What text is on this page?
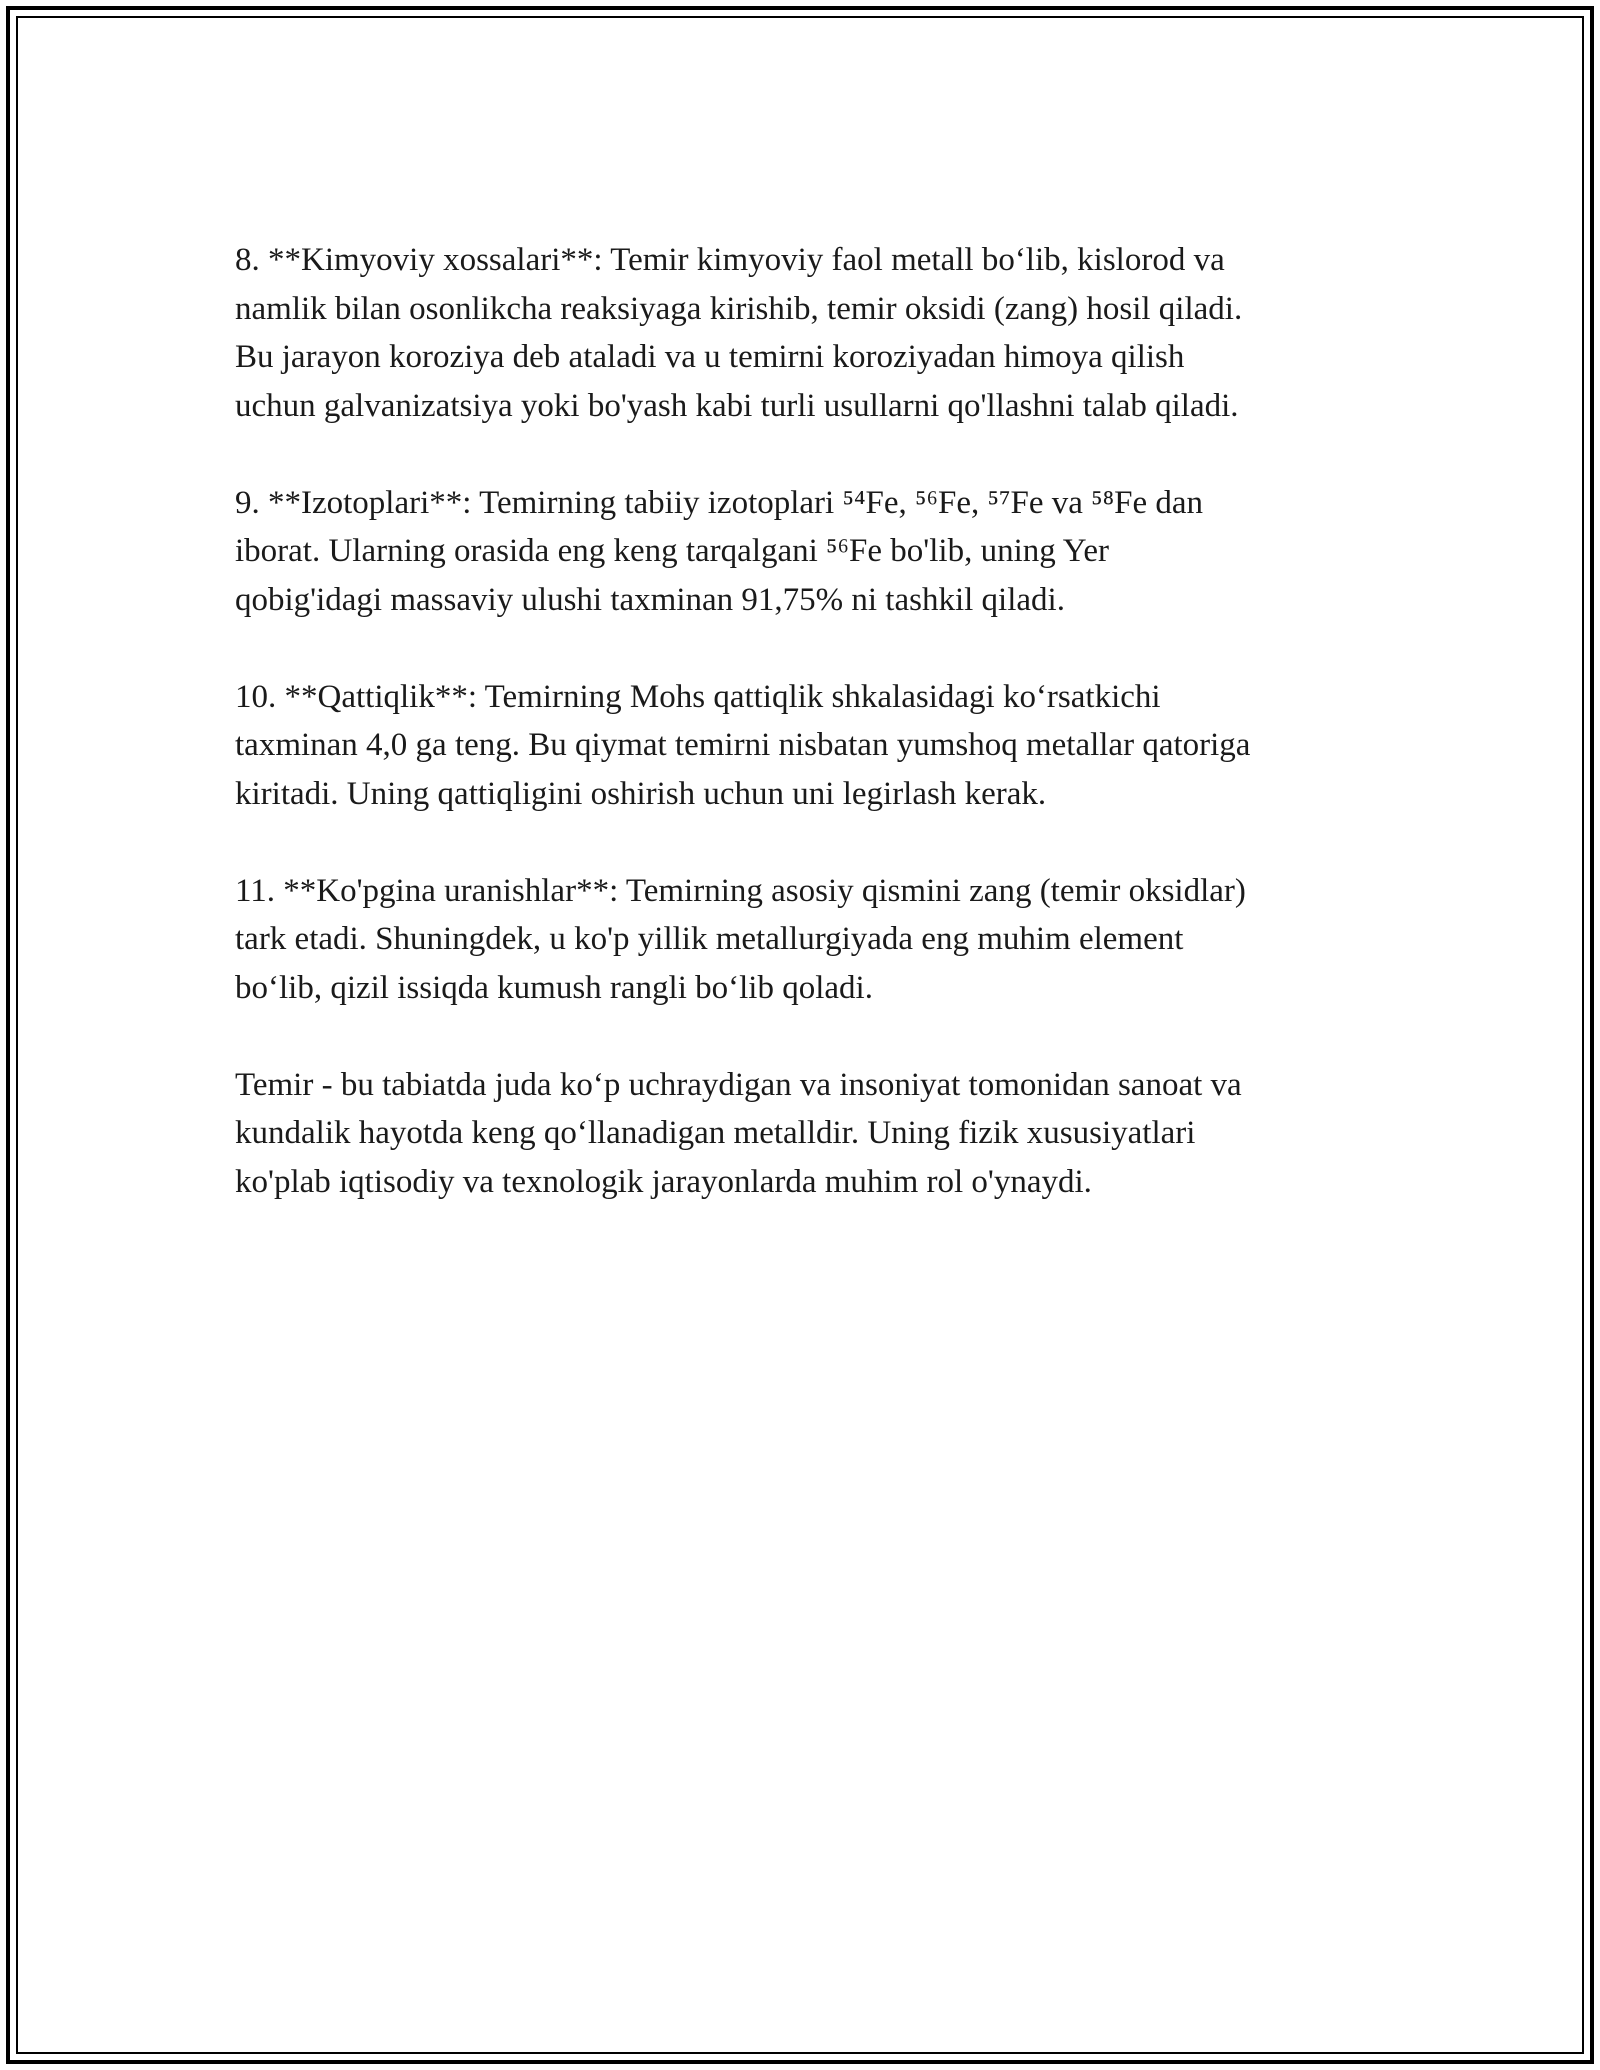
8. **Kimyoviy xossalari**: Temir kimyoviy faol metall bo‘lib, kislorod va
namlik bilan osonlikcha reaksiyaga kirishib, temir oksidi (zang) hosil qiladi.
Bu jarayon koroziya deb ataladi va u temirni koroziyadan himoya qilish
uchun galvanizatsiya yoki bo'yash kabi turli usullarni qo'llashni talab qiladi.

9. **Izotoplari**: Temirning tabiiy izotoplari ⁵⁴Fe, ⁵⁶Fe, ⁵⁷Fe va ⁵⁸Fe dan
iborat. Ularning orasida eng keng tarqalgani ⁵⁶Fe bo'lib, uning Yer
qobig'idagi massaviy ulushi taxminan 91,75% ni tashkil qiladi.

10. **Qattiqlik**: Temirning Mohs qattiqlik shkalasidagi ko‘rsatkichi
taxminan 4,0 ga teng. Bu qiymat temirni nisbatan yumshoq metallar qatoriga
kiritadi. Uning qattiqligini oshirish uchun uni legirlash kerak.

11. **Ko'pgina uranishlar**: Temirning asosiy qismini zang (temir oksidlar)
tark etadi. Shuningdek, u ko'p yillik metallurgiyada eng muhim element
bo‘lib, qizil issiqda kumush rangli bo‘lib qoladi.

Temir - bu tabiatda juda ko‘p uchraydigan va insoniyat tomonidan sanoat va
kundalik hayotda keng qo‘llanadigan metalldir. Uning fizik xususiyatlari
ko'plab iqtisodiy va texnologik jarayonlarda muhim rol o'ynaydi.
